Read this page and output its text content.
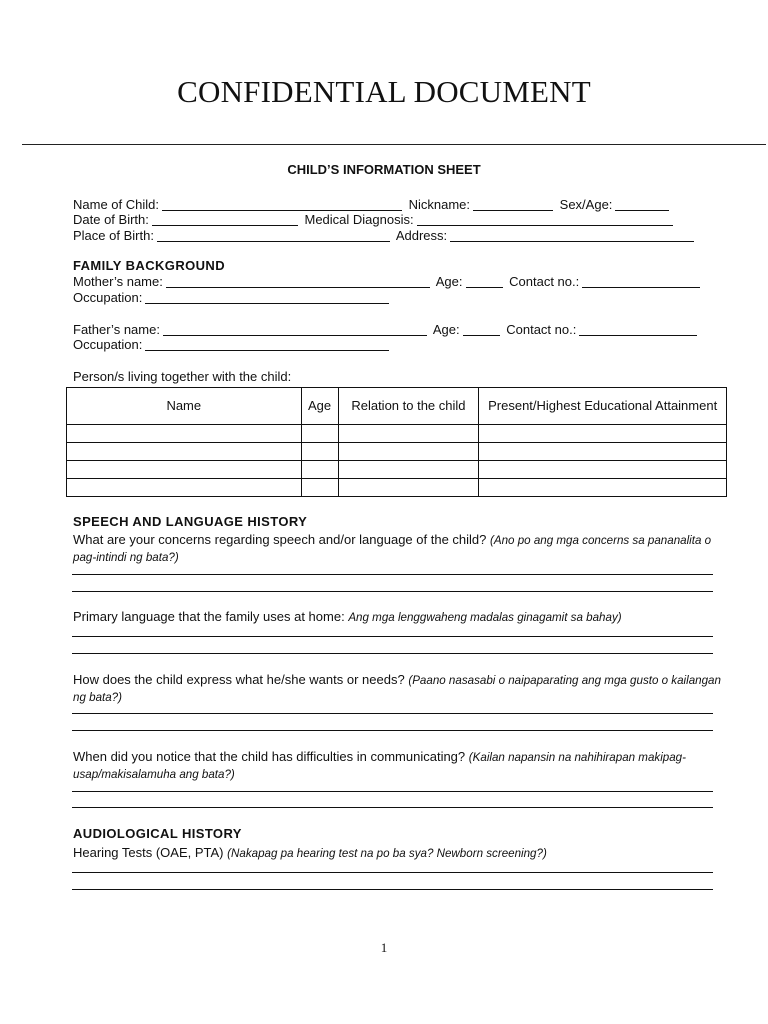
CONFIDENTIAL DOCUMENT
CHILD’S INFORMATION SHEET
Name of Child:	Nickname:	Sex/Age:
Date of Birth:	Medical Diagnosis:
Place of Birth:	Address:
FAMILY BACKGROUND
Mother’s name:	Age:	Contact no.:
Occupation:
Father’s name:	Age:	Contact no.:
Occupation:
Person/s living together with the child:
Name	Age	Relation to the child	Present/Highest Educational Attainment

SPEECH AND LANGUAGE HISTORY
What are your concerns regarding speech and/or language of the child? (Ano po ang mga concerns sa pananalita o pag-intindi ng bata?)
Primary language that the family uses at home: Ang mga lenggwaheng madalas ginagamit sa bahay)
How does the child express what he/she wants or needs? (Paano nasasabi o naipaparating ang mga gusto o kailangan ng bata?)
When did you notice that the child has difficulties in communicating? (Kailan napansin na nahihirapan makipag-usap/makisalamuha ang bata?)
AUDIOLOGICAL HISTORY
Hearing Tests (OAE, PTA) (Nakapag pa hearing test na po ba sya? Newborn screening?)
1
